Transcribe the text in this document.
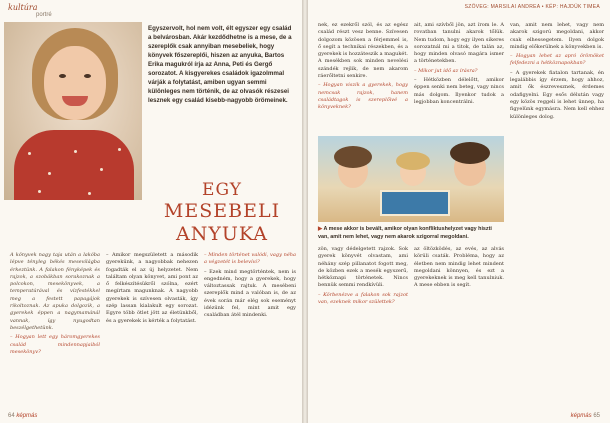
kultúra
portré
Egyszervolt, hol nem volt, élt egyszer egy család a belvárosban. Akár kezdődhetne is a mese, de a szereplők csak annyiban mesebeliek, hogy könyvek főszereplői, hiszen az anyuka, Bartos Erika magukról írja az Anna, Peti és Gergő sorozatot. A kisgyerekes családok igazolmmal várják a folytatást, amiben ugyan semmi különleges nem történik, de az olvasók részesei lesznek egy család kisebb-nagyobb örömeinek.
EGY
MESEBELI
ANYUKA

A könyvek nagy taja után a lakóba lépve tényleg békés mesevilágba érkeztünk. A falakon fényképek és rajzok, a szobákban sorakoznak a polcokon, mesekönyvek, a temperatúrával és vízfestékkel meg a festett papagájok rikoltoznak. Az apuka dolgozik, a gyerekek éppen a nagymamánál vannak, így nyugodtan beszélgethetünk.

– Hogyan lett egy háromgyerekes család mindennapjaiból mesekönyv?

– Amikor megszületett a második gyerekünk, a nagyobbak nehezen fogadták el az új helyzetet. Nem találtam olyan könyvet, ami pont az ő felkészítésükről szólna, ezért megírtam magunknak. A nagyobb gyerekek is szívesen olvasták, így szép lassan kialakult egy sorozat. Egyre több ötlet jött az életünkből, és a gyerekek is kérték a folytatást.

– Minden történet valódi, vagy néha a végzetét is belevívi?

– Ezek mind megtörténtek, nem is engedném, hogy a gyerekek, hogy változtassak rajtuk. A mesébeni szereplők mind a valóban is, de az évek során már elég sok eseményt idézünk fel, mint amit egy családban átél mindenki.

64 képmás
SZÖVEG: MARSILAI ANDREA • KÉP: HAJDÚK TIMEA

nek, ez ezekről szól, és az egész család részt vesz benne. Szívesen dolgozom közösen a férjemmel is, ő segít a technikai részekben, és a gyerekek is hozzáteszik a magukét. A mesékben sok minden nevelési szándék rejlik, de nem akarom ráerőltetni senkire.

– Hogyan viszik a gyerekek, hogy nemcsak rajzok, hanem családtagok is szereplőivé a könyveknek?

ait, ami szívből jön, azt írom le. A rovatban tanulni akarok tőlük. Nem tudom, hogy egy ilyen sikeres sorozatnál mi a titok, de talán az, hogy minden olvasó magára ismer a történetekben.

– Mikor jut idő az írásra?

– Hétközben délelőtt, amikor éppen senki nem beteg, vagy nincs más dolgom. Ilyenkor tudok a legjobban koncentrálni.

van, amit nem lehet, vagy nem akarok szigorú megoldani, akkor csak elhessegetem. Ilyen dolgok mindig előkerülnek a könyvekben is.

– Hogyan lehet az apró örömöket felfedezni a hétköznapokban?

– A gyerekek fiatalon tartanak, én legalábbis így érzem, hogy ahhoz, amit ők észrevesznek, érdemes odafigyelni. Egy esős délután vagy egy közös reggeli is lehet ünnep, ha figyelünk egymásra. Nem kell ehhez különleges dolog.

▶ A mese akkor is bevált, amikor olyan konfliktushelyzet vagy hiszti van, amit nem lehet, vagy nem akarok szigorral megoldani.

zön, vagy dédelgetett rajzok. Sok gyerek könyvét olvastam, ami néhány szép pillanatot fogott meg, de közben ezek a mesék egyszerű, hétköznapi történetek. Nincs bennük semmi rendkívüli.

– Körbenézve a falakon sok rajzot van, ezeknek mikor születtek?

az öltözködés, az evés, az alvás körüli csaták. Probléma, hogy az életben nem mindig lehet mindent megoldani könnyen, és ezt a gyerekeknek is meg kell tanulniuk. A mese ebben is segít.

képmás 65
